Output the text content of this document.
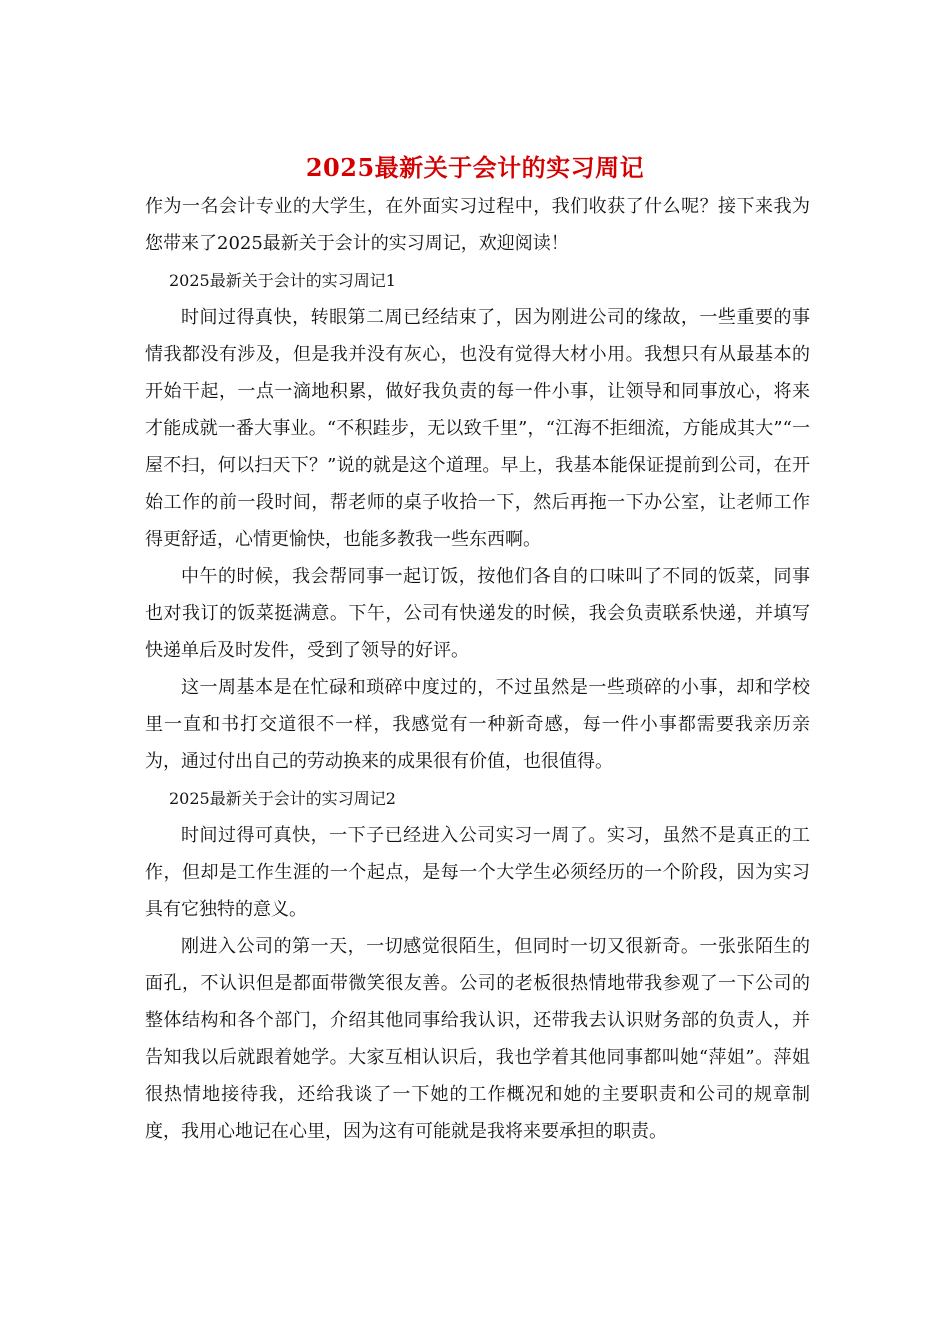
2025最新关于会计的实习周记

作为一名会计专业的大学生，在外面实习过程中，我们收获了什么呢？接下来我为您带来了2025最新关于会计的实习周记，欢迎阅读！

2025最新关于会计的实习周记1

时间过得真快，转眼第二周已经结束了，因为刚进公司的缘故，一些重要的事情我都没有涉及，但是我并没有灰心，也没有觉得大材小用。我想只有从最基本的开始干起，一点一滴地积累，做好我负责的每一件小事，让领导和同事放心，将来才能成就一番大事业。“不积跬步，无以致千里”，“江海不拒细流，方能成其大”“一屋不扫，何以扫天下？”说的就是这个道理。早上，我基本能保证提前到公司，在开始工作的前一段时间，帮老师的桌子收拾一下，然后再拖一下办公室，让老师工作得更舒适，心情更愉快，也能多教我一些东西啊。

中午的时候，我会帮同事一起订饭，按他们各自的口味叫了不同的饭菜，同事也对我订的饭菜挺满意。下午，公司有快递发的时候，我会负责联系快递，并填写快递单后及时发件，受到了领导的好评。

这一周基本是在忙碌和琐碎中度过的，不过虽然是一些琐碎的小事，却和学校里一直和书打交道很不一样，我感觉有一种新奇感，每一件小事都需要我亲历亲为，通过付出自己的劳动换来的成果很有价值，也很值得。

2025最新关于会计的实习周记2

时间过得可真快，一下子已经进入公司实习一周了。实习，虽然不是真正的工作，但却是工作生涯的一个起点，是每一个大学生必须经历的一个阶段，因为实习具有它独特的意义。

刚进入公司的第一天，一切感觉很陌生，但同时一切又很新奇。一张张陌生的面孔，不认识但是都面带微笑很友善。公司的老板很热情地带我参观了一下公司的整体结构和各个部门，介绍其他同事给我认识，还带我去认识财务部的负责人，并告知我以后就跟着她学。大家互相认识后，我也学着其他同事都叫她“萍姐”。萍姐很热情地接待我，还给我谈了一下她的工作概况和她的主要职责和公司的规章制度，我用心地记在心里，因为这有可能就是我将来要承担的职责。
